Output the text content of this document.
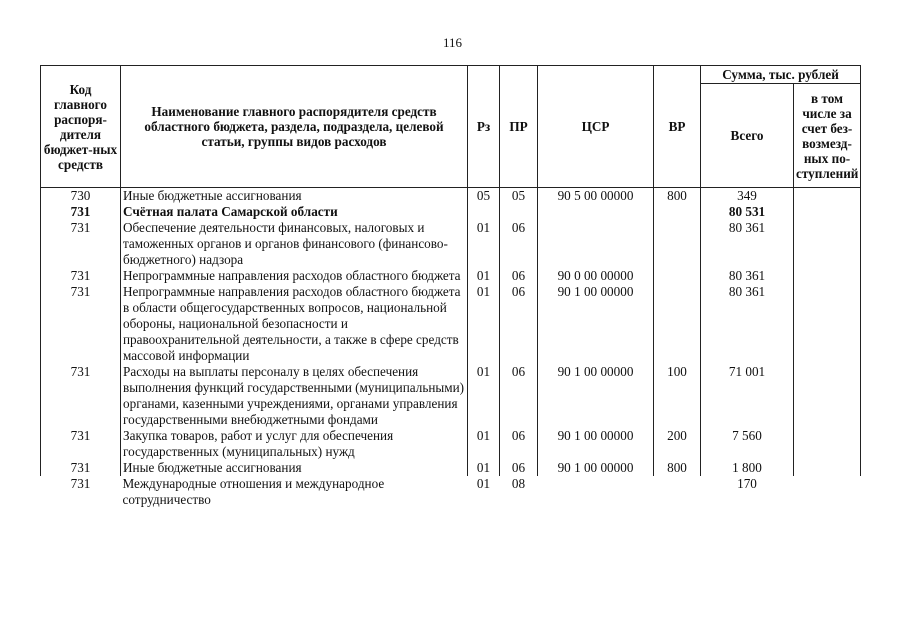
116
Код главного распоря-дителя бюджет-ных средств	Наименование главного распорядителя средств областного бюджета, раздела, подраздела, целевой статьи, группы видов расходов	Рз	ПР	ЦСР	ВР	Сумма, тыс. рублей	
						Всего	в том числе за счет без-возмезд-ных по-ступлений
730	Иные бюджетные ассигнования	05	05	90 5 00 00000	800	349	
731	Счётная палата Самарской области					80 531	
731	Обеспечение деятельности финансовых, налоговых и таможенных органов и органов финансового (финансово-бюджетного) надзора	01	06			80 361	
731	Непрограммные направления расходов областного бюджета	01	06	90 0 00 00000		80 361	
731	Непрограммные направления расходов областного бюджета в области общегосударственных вопросов, национальной обороны, национальной безопасности и правоохранительной деятельности, а также в сфере средств массовой информации	01	06	90 1 00 00000		80 361	
731	Расходы на выплаты персоналу в целях обеспечения выполнения функций государственными (муниципальными) органами, казенными учреждениями, органами управления государственными внебюджетными фондами	01	06	90 1 00 00000	100	71 001	
731	Закупка товаров, работ и услуг для обеспечения государственных (муниципальных) нужд	01	06	90 1 00 00000	200	7 560	
731	Иные бюджетные ассигнования	01	06	90 1 00 00000	800	1 800	
731	Международные отношения и международное сотрудничество	01	08			170	
